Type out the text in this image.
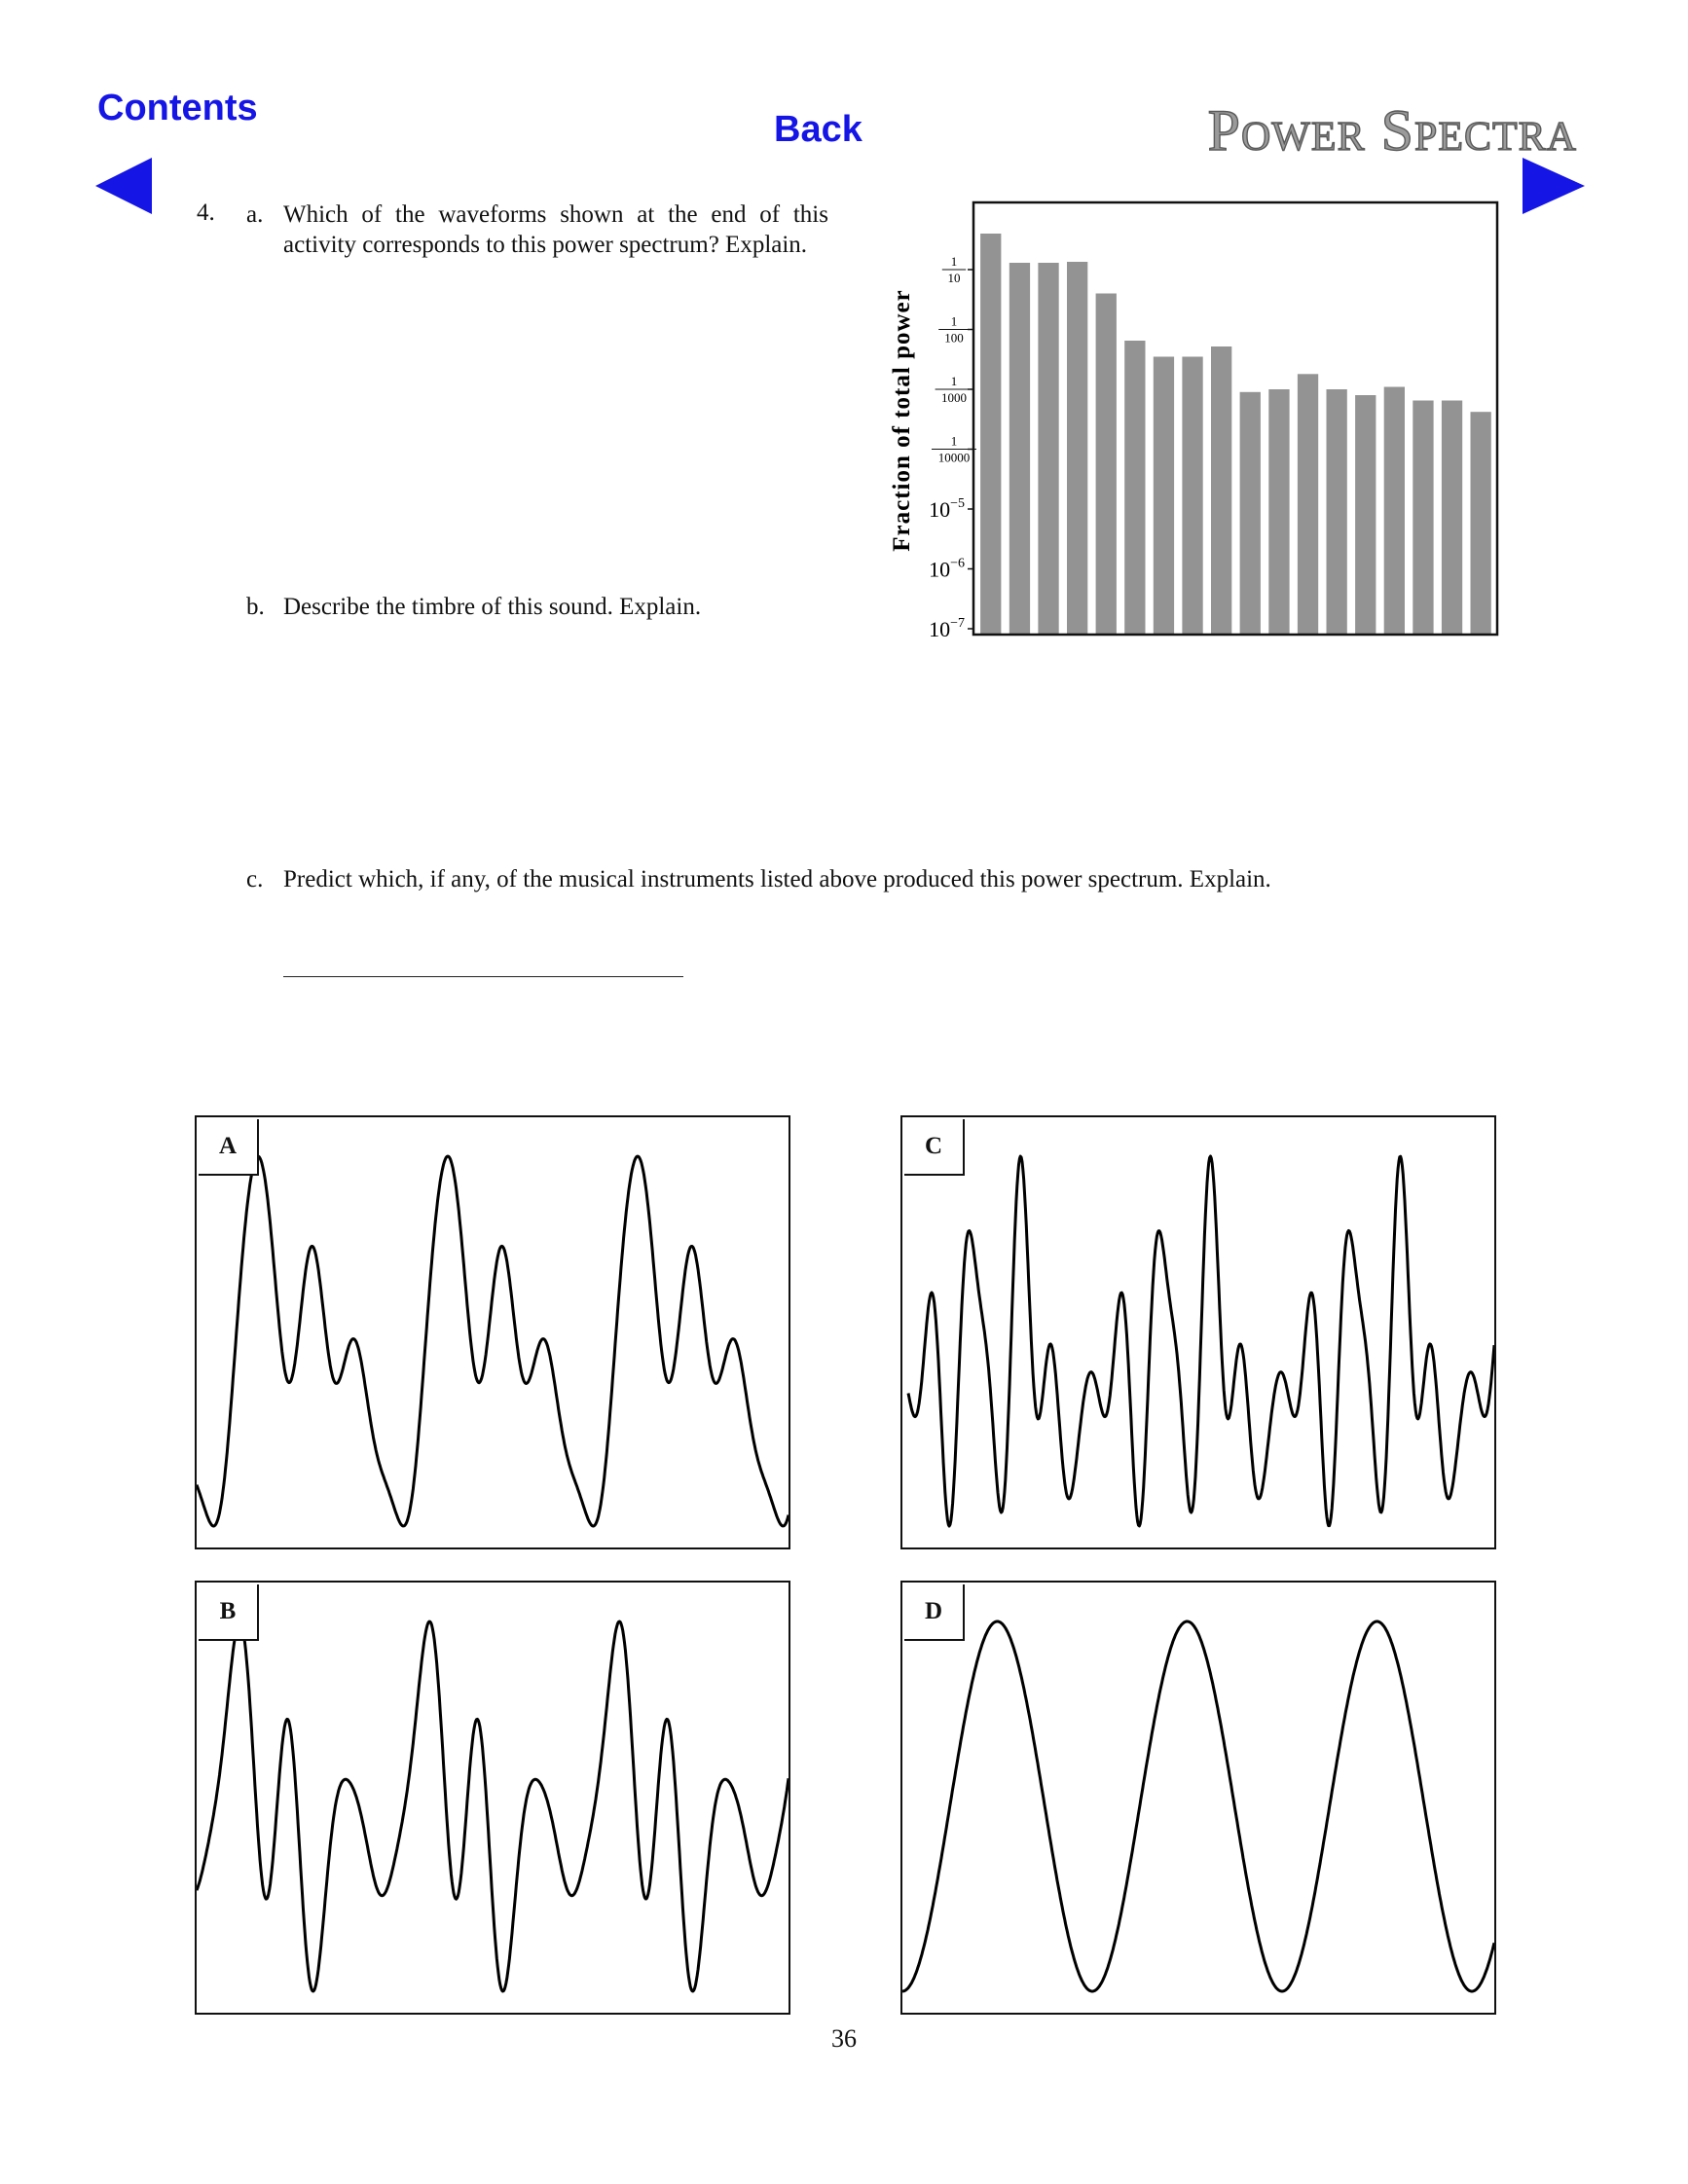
Contents
Back	Power Spectra
4. a. Which of the waveforms shown at the end of this activity corresponds to this power spectrum? Explain.
b. Describe the timbre of this sound. Explain.
c. Predict which, if any, of the musical instruments listed above produced this power spectrum. Explain.
1
10
1
100
1
1000
1
10000
$10^{-5}$
$10^{-6}$
$10^{-7}$
Fraction of total power
A	C
B	D
36
